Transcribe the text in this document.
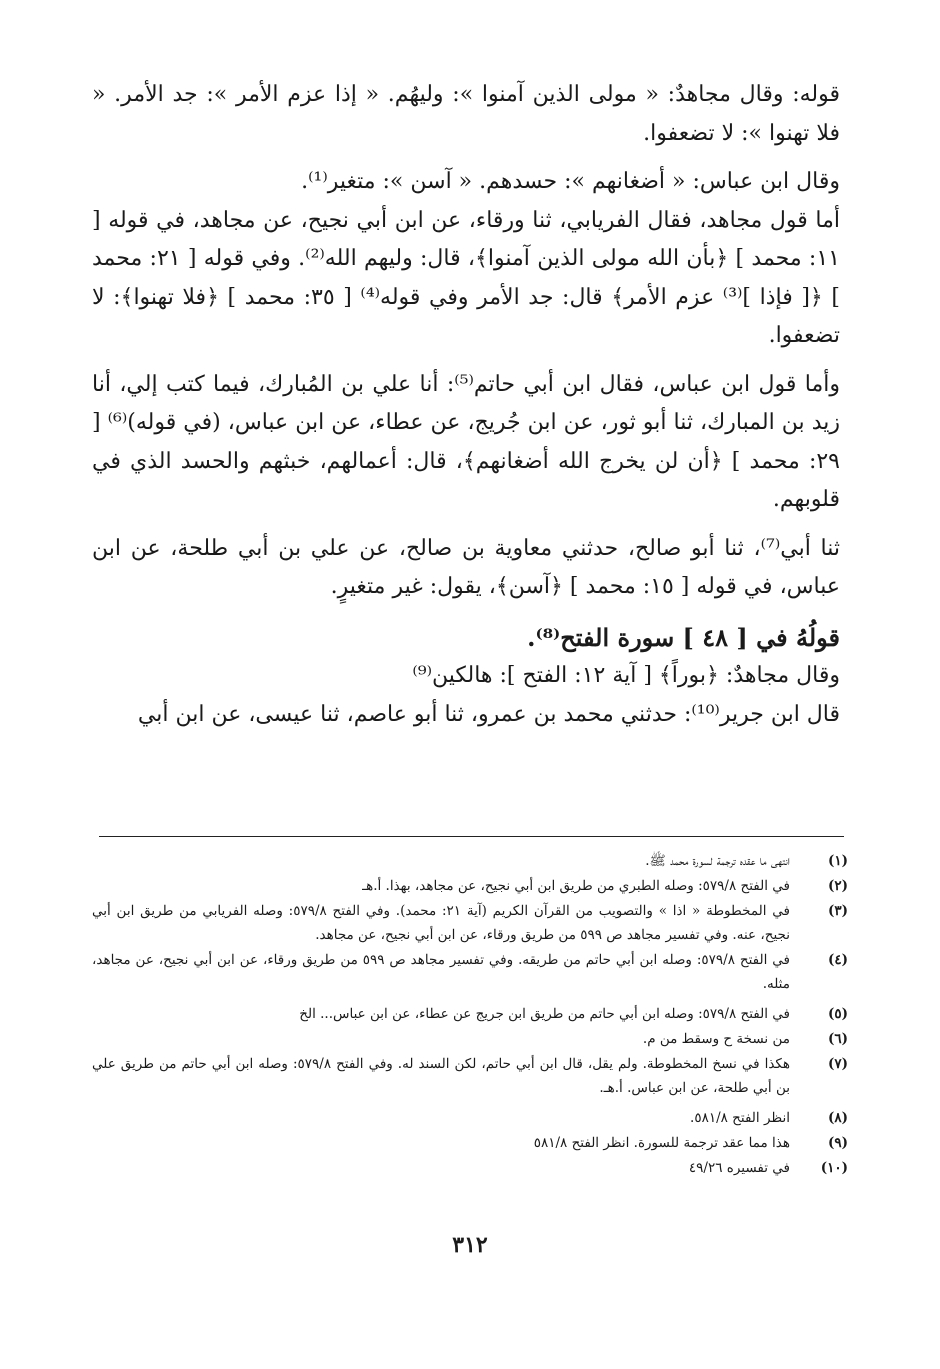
قوله: وقال مجاهدٌ: « مولى الذين آمنوا »: وليهُم. « إذا عزم الأمر »: جد الأمر. « فلا تهنوا »: لا تضعفوا.

وقال ابن عباس: « أضغانهم »: حسدهم. « آسن »: متغير⁽¹⁾.

أما قول مجاهد، فقال الفريابي، ثنا ورقاء، عن ابن أبي نجيح، عن مجاهد، في قوله [ ١١: محمد ] ﴿بأن الله مولى الذين آمنوا﴾، قال: وليهم الله⁽²⁾. وفي قوله [ ٢١: محمد ] ﴿[ فإذا ]⁽³⁾ عزم الأمر﴾ قال: جد الأمر وفي قوله⁽⁴⁾ [ ٣٥: محمد ] ﴿فلا تهنوا﴾: لا تضعفوا.

وأما قول ابن عباس، فقال ابن أبي حاتم⁽⁵⁾: أنا علي بن المُبارك، فيما كتب إلي، أنا زيد بن المبارك، ثنا أبو ثور، عن ابن جُريج، عن عطاء، عن ابن عباس، (في قوله)⁽⁶⁾ [ ٢٩: محمد ] ﴿أن لن يخرج الله أضغانهم﴾، قال: أعمالهم، خبثهم والحسد الذي في قلوبهم.

ثنا أبي⁽⁷⁾، ثنا أبو صالح، حدثني معاوية بن صالح، عن علي بن أبي طلحة، عن ابن عباس، في قوله [ ١٥: محمد ] ﴿آسن﴾، يقول: غير متغيرٍ.

قولُهُ في [ ٤٨ ] سورة الفتح⁽⁸⁾.

وقال مجاهدٌ: ﴿بوراً﴾ [ آية ١٢: الفتح ]: هالكين⁽⁹⁾

قال ابن جرير⁽¹⁰⁾: حدثني محمد بن عمرو، ثنا أبو عاصم، ثنا عيسى، عن ابن أبي

(١)
انتهى ما عقده ترجمة لسورة محمد ﷺ.
(٢)
في الفتح ٥٧٩/٨: وصله الطبري من طريق ابن أبي نجيح، عن مجاهد، بهذا. أ.هـ
(٣)
في المخطوطة « اذا » والتصويب من القرآن الكريم (آية ٢١: محمد). وفي الفتح ٥٧٩/٨: وصله الفريابي من طريق ابن أبي نجيح، عنه. وفي تفسير مجاهد ص ٥٩٩ من طريق ورقاء، عن ابن أبي نجيح، عن مجاهد.
(٤)
في الفتح ٥٧٩/٨: وصله ابن أبي حاتم من طريقه. وفي تفسير مجاهد ص ٥٩٩ من طريق ورقاء، عن ابن أبي نجيح، عن مجاهد، مثله.
(٥)
في الفتح ٥٧٩/٨: وصله ابن أبي حاتم من طريق ابن جريج عن عطاء، عن ابن عباس... الخ
(٦)
من نسخة ح وسقط من م.
(٧)
هكذا في نسخ المخطوطة. ولم يقل، قال ابن أبي حاتم، لكن السند له. وفي الفتح ٥٧٩/٨: وصله ابن أبي حاتم من طريق علي بن أبي طلحة، عن ابن عباس. أ.هـ.
(٨)
انظر الفتح ٥٨١/٨.
(٩)
هذا مما عقد ترجمة للسورة. انظر الفتح ٥٨١/٨
(١٠)
في تفسيره ٤٩/٢٦
٣١٢
